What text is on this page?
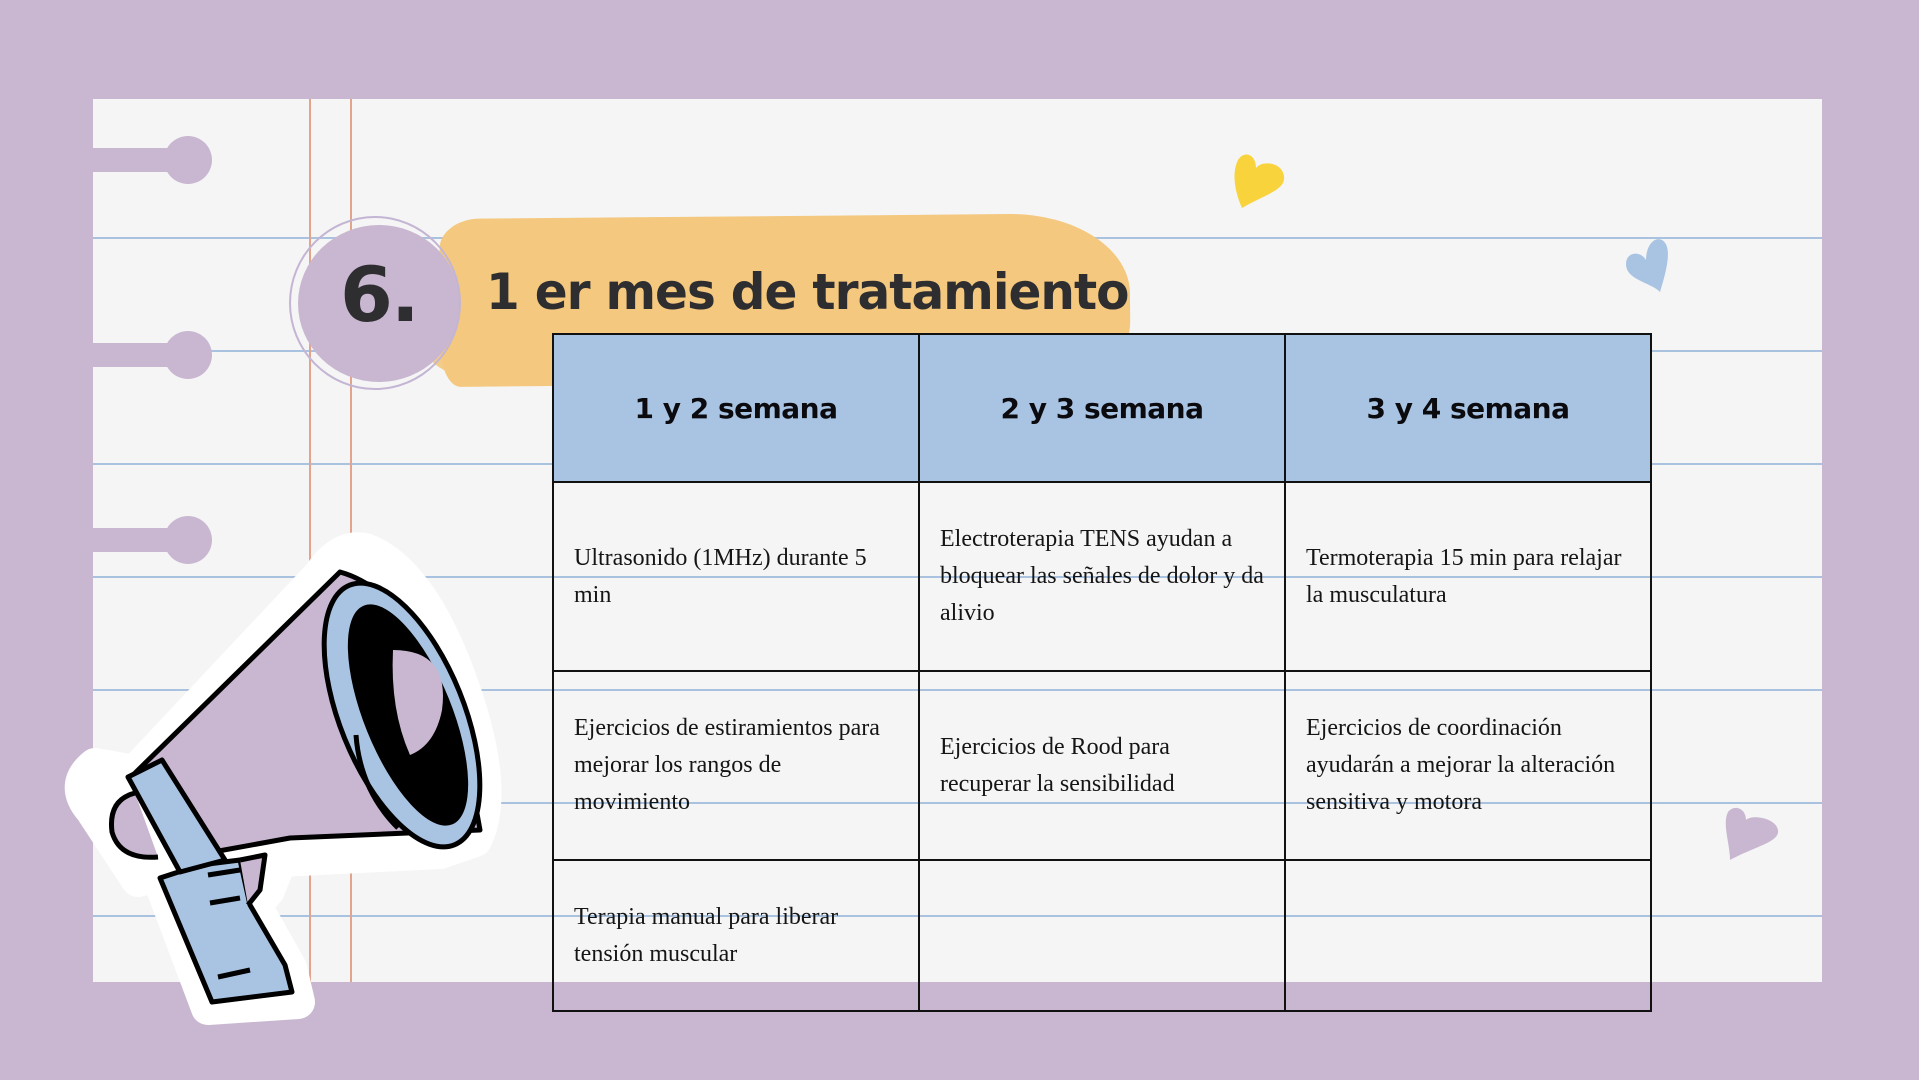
6.	1 er mes de tratamiento
1 y 2 semana	2 y 3 semana	3 y 4 semana
Ultrasonido (1MHz) durante 5 min	Electroterapia TENS ayudan a bloquear las señales de dolor y da alivio	Termoterapia 15 min para relajar la musculatura
Ejercicios de estiramientos para mejorar los rangos de movimiento	Ejercicios de Rood para recuperar la sensibilidad	Ejercicios de coordinación ayudarán a mejorar la alteración sensitiva y motora
Terapia manual para liberar tensión muscular		
